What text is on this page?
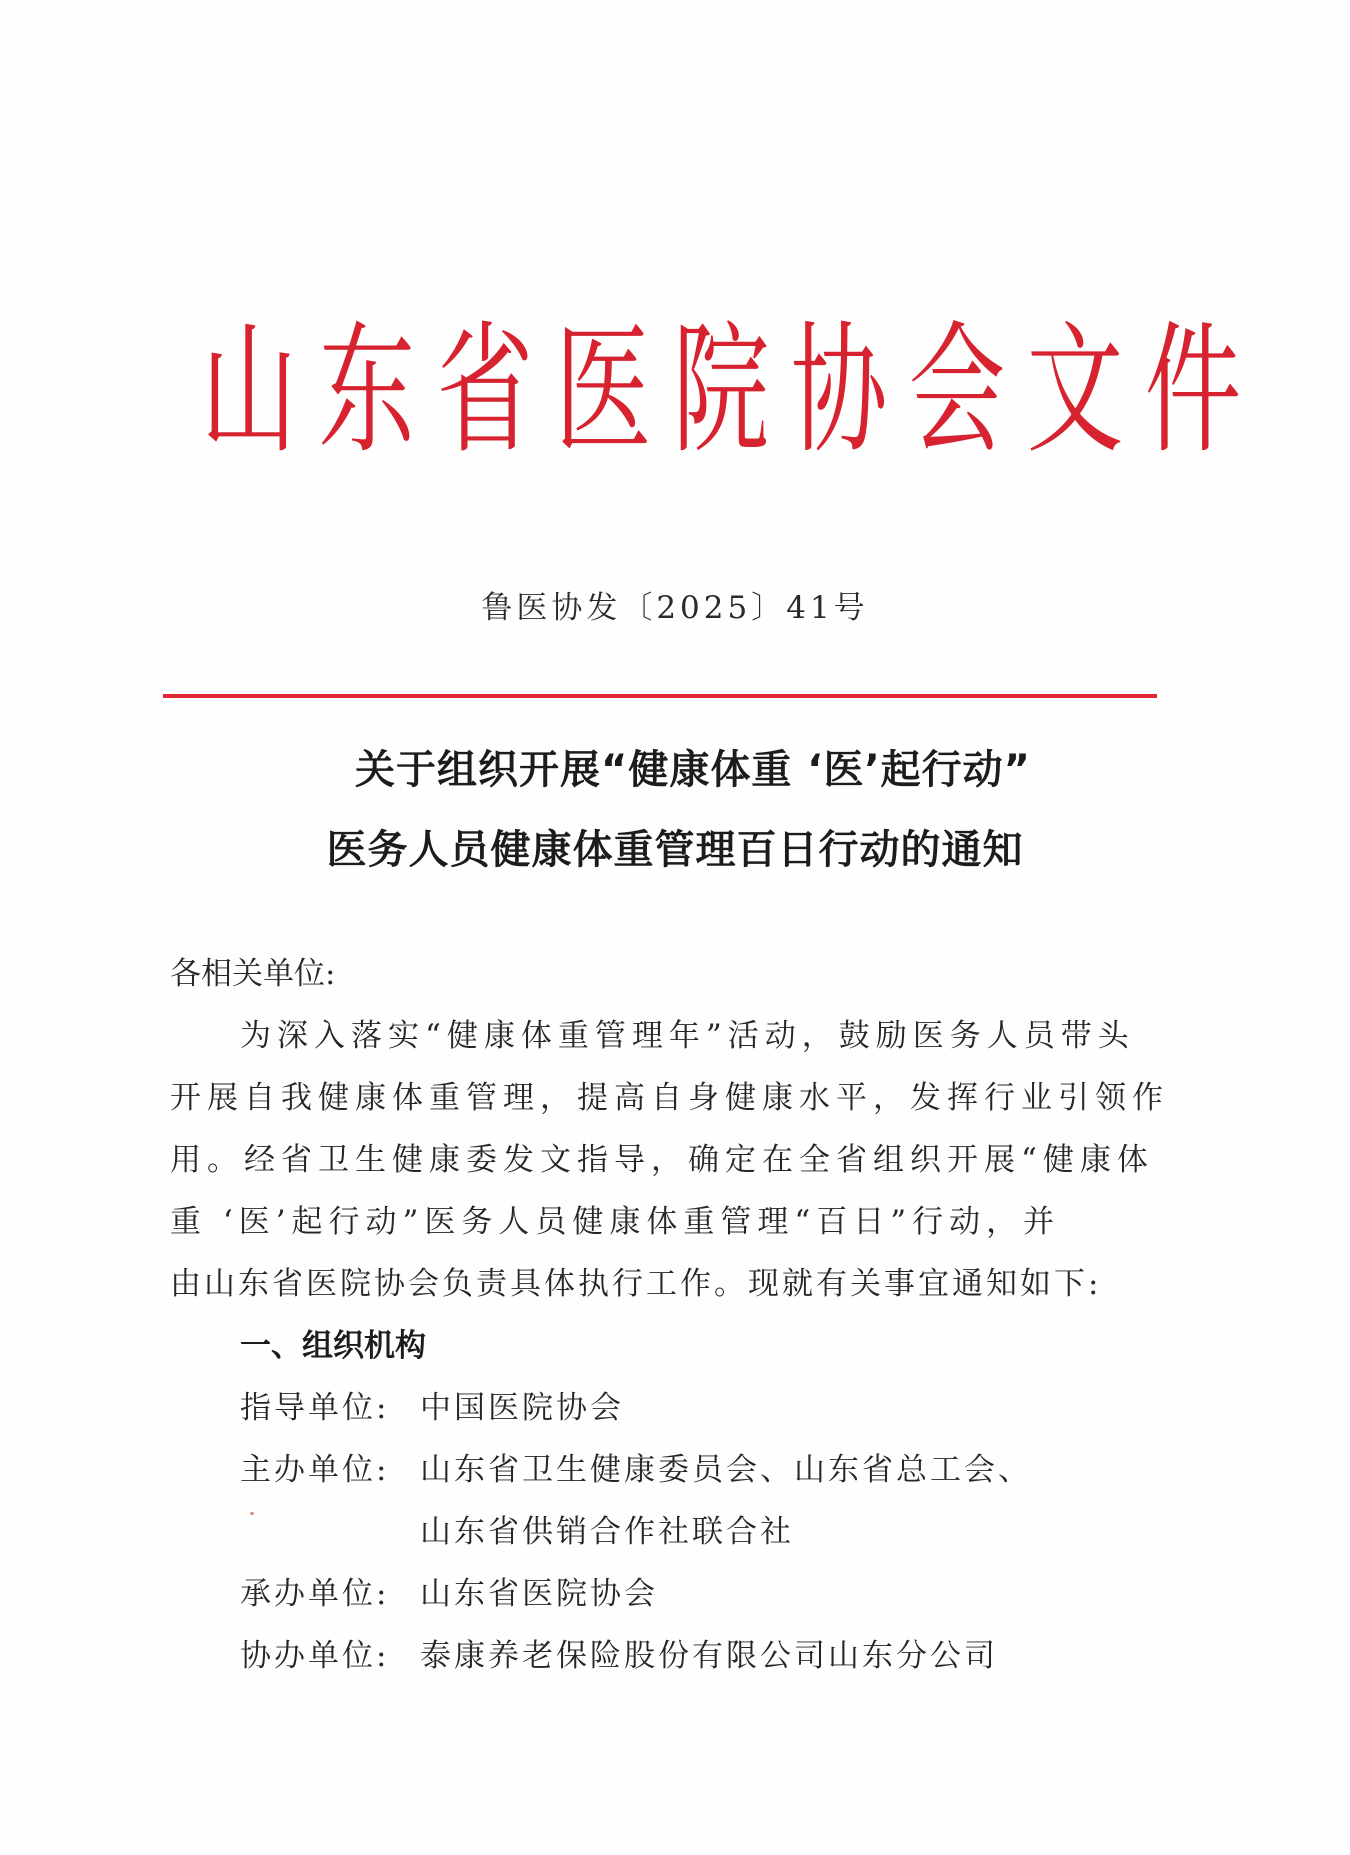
山 东 省 医 院 协 会 文 件
鲁医协发〔2025〕41号
关于组织开展“健康体重 ‘医’起行动”
医务人员健康体重管理百日行动的通知
各相关单位:
为深入落实“健康体重管理年”活动，鼓励医务人员带头
开展自我健康体重管理，提高自身健康水平，发挥行业引领作
用。经省卫生健康委发文指导，确定在全省组织开展“健康体
重 ‘医’起行动”医务人员健康体重管理“百日”行动，并
由山东省医院协会负责具体执行工作。现就有关事宜通知如下:
一、组织机构
指导单位: 中国医院协会
主办单位: 山东省卫生健康委员会、山东省总工会、
山东省供销合作社联合社
承办单位: 山东省医院协会
协办单位: 泰康养老保险股份有限公司山东分公司
